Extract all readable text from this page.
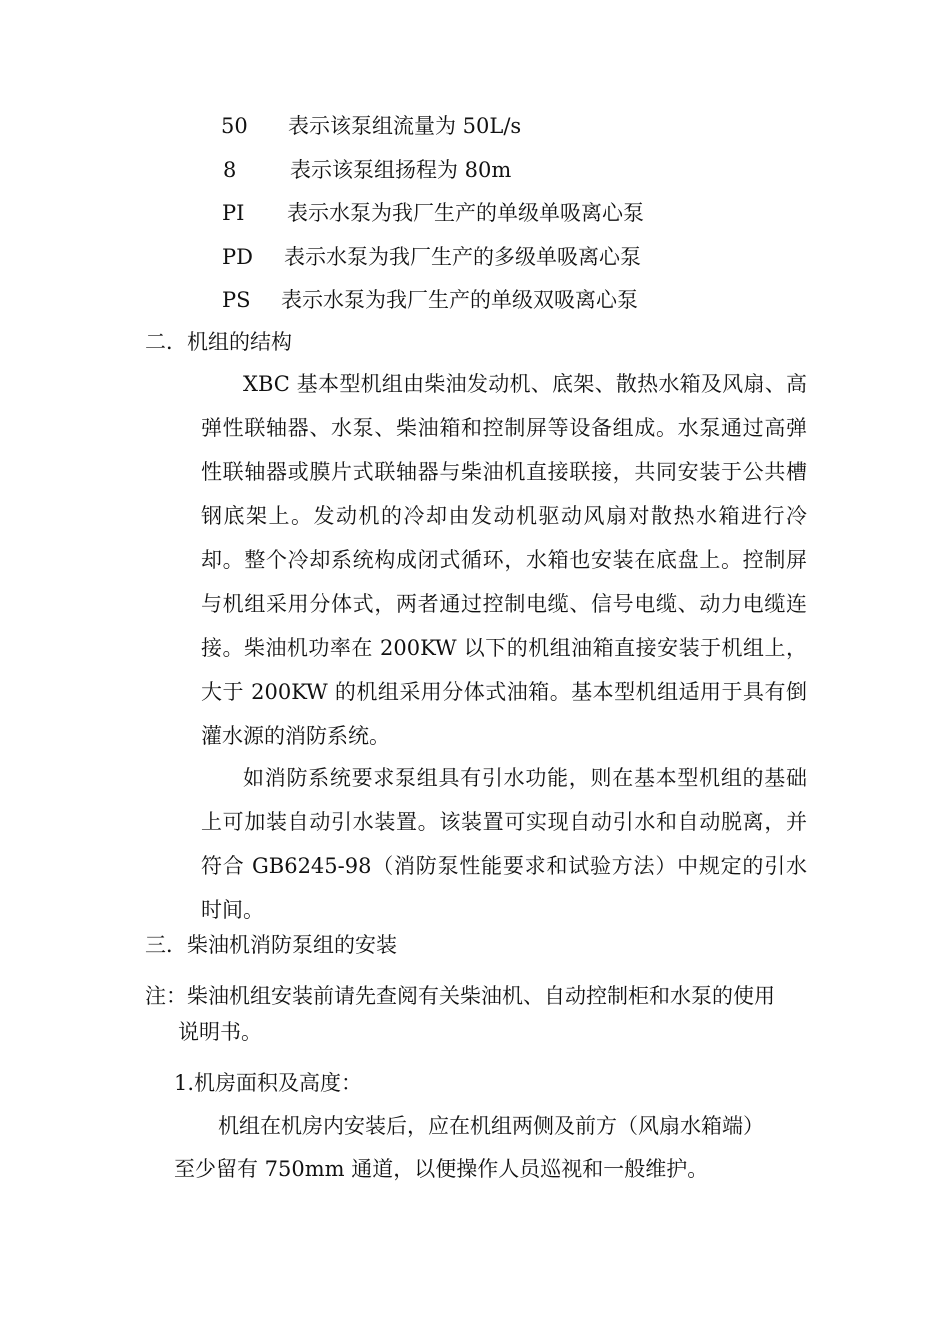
50 表示该泵组流量为 50L/s
8	表示该泵组扬程为 80m
PI 表示水泵为我厂生产的单级单吸离心泵
PD 表示水泵为我厂生产的多级单吸离心泵
PS 表示水泵为我厂生产的单级双吸离心泵
二．机组的结构

XBC 基本型机组由柴油发动机、底架、散热水箱及风扇、高弹性联轴器、水泵、柴油箱和控制屏等设备组成。水泵通过高弹性联轴器或膜片式联轴器与柴油机直接联接，共同安装于公共槽钢底架上。发动机的冷却由发动机驱动风扇对散热水箱进行冷却。整个冷却系统构成闭式循环，水箱也安装在底盘上。控制屏与机组采用分体式，两者通过控制电缆、信号电缆、动力电缆连接。柴油机功率在 200KW 以下的机组油箱直接安装于机组上，大于 200KW 的机组采用分体式油箱。基本型机组适用于具有倒灌水源的消防系统。

如消防系统要求泵组具有引水功能，则在基本型机组的基础上可加装自动引水装置。该装置可实现自动引水和自动脱离，并符合 GB6245-98（消防泵性能要求和试验方法）中规定的引水时间。

三．柴油机消防泵组的安装
注：柴油机组安装前请先查阅有关柴油机、自动控制柜和水泵的使用
说明书。
1.机房面积及高度：
机组在机房内安装后，应在机组两侧及前方（风扇水箱端）
至少留有 750mm 通道，以便操作人员巡视和一般维护。
